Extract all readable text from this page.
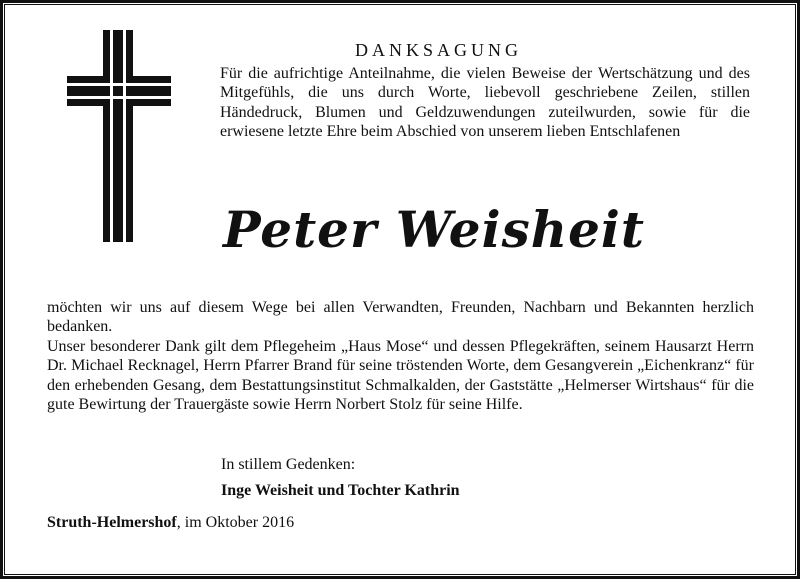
DANKSAGUNG

Für die aufrichtige Anteilnahme, die vielen Beweise der Wertschätzung und des Mitgefühls, die uns durch Worte, liebevoll geschriebene Zeilen, stillen Händedruck, Blumen und Geldzuwendungen zuteilwurden, sowie für die erwiesene letzte Ehre beim Abschied von unserem lieben Entschlafenen

Peter Weisheit

möchten wir uns auf diesem Wege bei allen Verwandten, Freunden, Nachbarn und Bekannten herzlich bedanken.

Unser besonderer Dank gilt dem Pflegeheim „Haus Mose“ und dessen Pflegekräften, seinem Hausarzt Herrn Dr. Michael Recknagel, Herrn Pfarrer Brand für seine tröstenden Worte, dem Gesangverein „Eichenkranz“ für den erhebenden Gesang, dem Bestattungsinstitut Schmalkalden, der Gaststätte „Helmerser Wirtshaus“ für die gute Bewirtung der Trauergäste sowie Herrn Norbert Stolz für seine Hilfe.

In stillem Gedenken:
Inge Weisheit und Tochter Kathrin
Struth-Helmershof, im Oktober 2016
